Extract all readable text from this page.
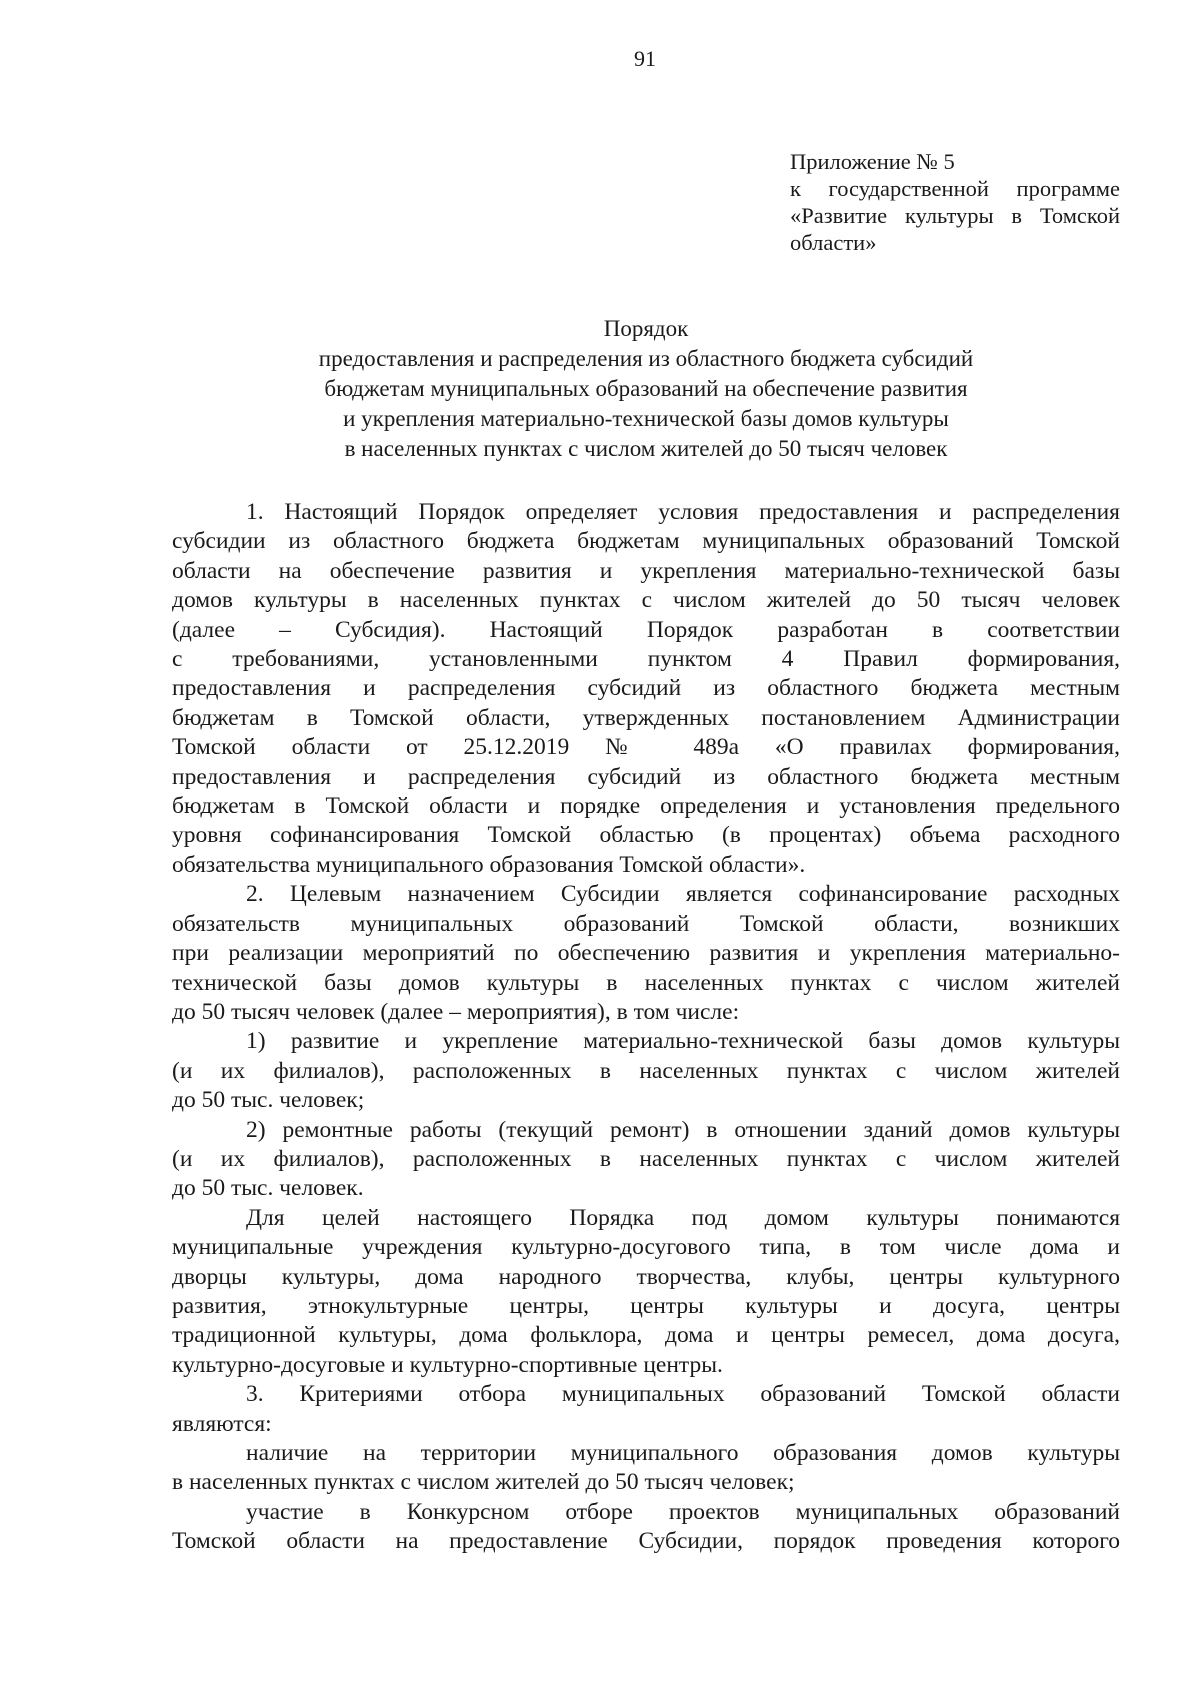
91
Приложение № 5
к государственной программе
«Развитие культуры в Томской
области»
Порядок
предоставления и распределения из областного бюджета субсидий
бюджетам муниципальных образований на обеспечение развития
и укрепления материально-технической базы домов культуры
в населенных пунктах с числом жителей до 50 тысяч человек
1. Настоящий Порядок определяет условия предоставления и распределения
субсидии из областного бюджета бюджетам муниципальных образований Томской
области на обеспечение развития и укрепления материально-технической базы
домов культуры в населенных пунктах с числом жителей до 50 тысяч человек
(далее – Субсидия). Настоящий Порядок разработан в соответствии
с требованиями, установленными пунктом 4 Правил формирования,
предоставления и распределения субсидий из областного бюджета местным
бюджетам в Томской области, утвержденных постановлением Администрации
Томской области от 25.12.2019 № 489а «О правилах формирования,
предоставления и распределения субсидий из областного бюджета местным
бюджетам в Томской области и порядке определения и установления предельного
уровня софинансирования Томской областью (в процентах) объема расходного
обязательства муниципального образования Томской области».
2. Целевым назначением Субсидии является софинансирование расходных
обязательств муниципальных образований Томской области, возникших
при реализации мероприятий по обеспечению развития и укрепления материально-
технической базы домов культуры в населенных пунктах с числом жителей
до 50 тысяч человек (далее – мероприятия), в том числе:
1) развитие и укрепление материально-технической базы домов культуры
(и их филиалов), расположенных в населенных пунктах с числом жителей
до 50 тыс. человек;
2) ремонтные работы (текущий ремонт) в отношении зданий домов культуры
(и их филиалов), расположенных в населенных пунктах с числом жителей
до 50 тыс. человек.
Для целей настоящего Порядка под домом культуры понимаются
муниципальные учреждения культурно-досугового типа, в том числе дома и
дворцы культуры, дома народного творчества, клубы, центры культурного
развития, этнокультурные центры, центры культуры и досуга, центры
традиционной культуры, дома фольклора, дома и центры ремесел, дома досуга,
культурно-досуговые и культурно-спортивные центры.
3. Критериями отбора муниципальных образований Томской области
являются:
наличие на территории муниципального образования домов культуры
в населенных пунктах с числом жителей до 50 тысяч человек;
участие в Конкурсном отборе проектов муниципальных образований
Томской области на предоставление Субсидии, порядок проведения которого
